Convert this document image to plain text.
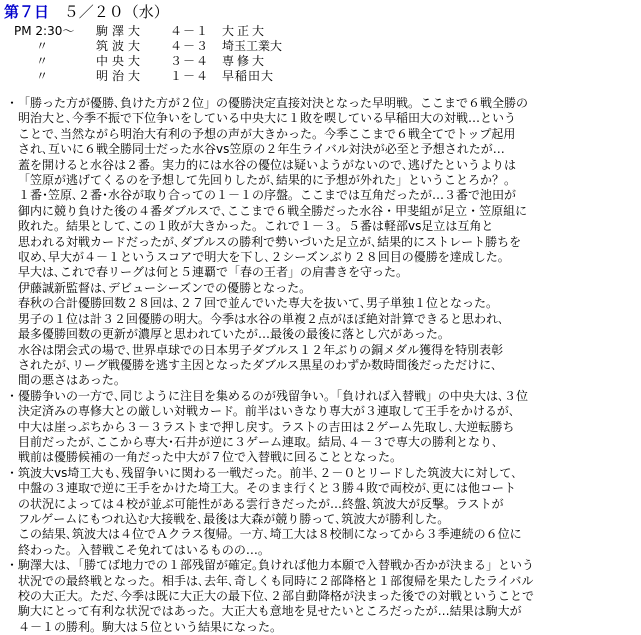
第７日 ５／２０（水）
PM 2:30～	駒澤大	４－１	大正大
〃	筑波大	４－３	埼玉工業大
〃	中央大	３－４	専修大
〃	明治大	１－４	早稲田大
・ 「勝った方が優勝､負けた方が２位」の優勝決定直接対決となった早明戦。ここまで６戦全勝の
明治大と､今季不振で下位争いをしている中央大に１敗を喫している早稲田大の対戦…という
ことで､当然ながら明治大有利の予想の声が大きかった。今季ここまで６戦全てでトップ起用
され､互いに６戦全勝同士だった水谷vs笠原の２年生ライバル対決が必至と予想されたが…
蓋を開けると水谷は２番。実力的には水谷の優位は疑いようがないので､逃げたというよりは
「笠原が逃げてくるのを予想して先回りしたが､結果的に予想が外れた」ということろか？。
１番･笠原､２番･水谷が取り合っての１－１の序盤。ここまでは互角だったが…３番で池田が
御内に競り負けた後の４番ダブルスで､ここまで６戦全勝だった水谷・甲斐組が足立・笠原組に
敗れた。結果として､この１敗が大きかった。これで１－３。５番は軽部vs足立は互角と
思われる対戦カードだったが､ダブルスの勝利で勢いづいた足立が､結果的にストレート勝ちを
収め､早大が４－１というスコアで明大を下し､２シーズンぶり２８回目の優勝を達成した。
早大は､これで春リーグは何と５連覇で「春の王者」の肩書きを守った。
伊藤誠新監督は､デビューシーズンでの優勝となった。
春秋の合計優勝回数２８回は､２７回で並んでいた専大を抜いて､男子単独１位となった。
男子の１位は計３２回優勝の明大。今季は水谷の単複２点がほぼ絶対計算できると思われ､
最多優勝回数の更新が濃厚と思われていたが…最後の最後に落とし穴があった。
水谷は閉会式の場で､世界卓球での日本男子ダブルス１２年ぶりの銅メダル獲得を特別表彰
されたが､リーグ戦優勝を逃す主因となったダブルス黒星のわずか数時間後だっただけに､
間の悪さはあった。
・ 優勝争いの一方で､同じように注目を集めるのが残留争い。「負ければ入替戦」の中央大は､３位
決定済みの専修大との厳しい対戦カード。前半はいきなり専大が３連取して王手をかけるが､
中大は崖っぷちから３－３ラストまで押し戻す。ラストの吉田は２ゲーム先取し､大逆転勝ち
目前だったが､ここから専大･石井が逆に３ゲーム連取。結局､４－３で専大の勝利となり､
戦前は優勝候補の一角だった中大が７位で入替戦に回ることとなった。
・ 筑波大vs埼工大も､残留争いに関わる一戦だった。前半､２－０とリードした筑波大に対して､
中盤の３連取で逆に王手をかけた埼工大。そのまま行くと３勝４敗で両校が､更には他コート
の状況によっては４校が並ぶ可能性がある雲行きだったが…終盤､筑波大が反撃。ラストが
フルゲームにもつれ込む大接戦を､最後は大森が競り勝って､筑波大が勝利した。
この結果､筑波大は４位でＡクラス復帰。一方､埼工大は８校制になってから３季連続の６位に
終わった。入替戦こそ免れてはいるものの…。
・ 駒澤大は､「勝てば地力での１部残留が確定｡負ければ他力本願で入替戦か否かが決まる」という
状況での最終戦となった。相手は､去年､奇しくも同時に２部降格と１部復帰を果たしたライバル
校の大正大。ただ､今季は既に大正大の最下位､２部自動降格が決まった後での対戦ということで
駒大にとって有利な状況ではあった。大正大も意地を見せたいところだったが…結果は駒大が
４－１の勝利。駒大は５位という結果になった。
